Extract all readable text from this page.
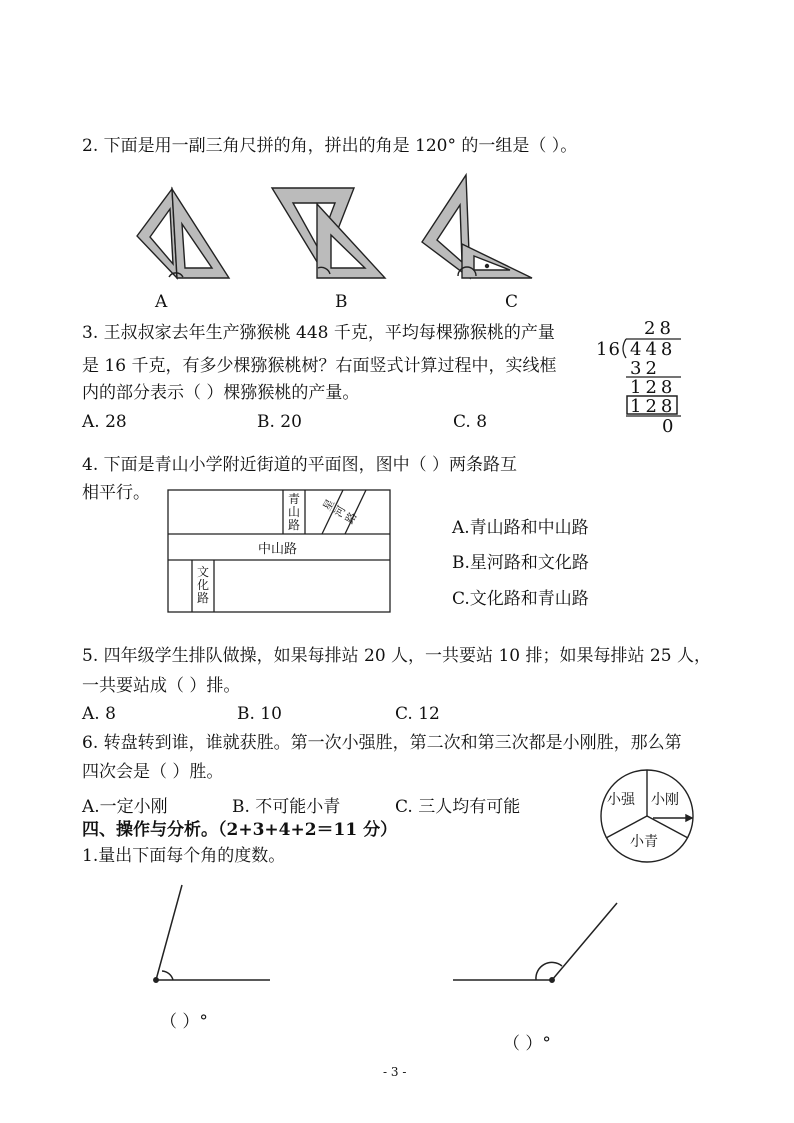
2. 下面是用一副三角尺拼的角，拼出的角是 120° 的一组是（ ）。
A	B	C
3. 王叔叔家去年生产猕猴桃 448 千克，平均每棵猕猴桃的产量
是 16 千克，有多少棵猕猴桃树？右面竖式计算过程中，实线框
内的部分表示（ ）棵猕猴桃的产量。
A. 28	B. 20	C. 8
28
16 448
32
128
128
0
4. 下面是青山小学附近街道的平面图，图中（ ）两条路互
相平行。	青
山
路
星
河
路
中山路
文
化
路
A.青山路和中山路
B.星河路和文化路
C.文化路和青山路
5. 四年级学生排队做操，如果每排站 20 人，一共要站 10 排；如果每排站 25 人，
一共要站成（ ）排。
A. 8	B. 10	C. 12
6. 转盘转到谁，谁就获胜。第一次小强胜，第二次和第三次都是小刚胜，那么第
四次会是（ ）胜。
A.一定小刚	B. 不可能小青	C. 三人均有可能	小强 小刚
小青
四、操作与分析。（2+3+4+2＝11 分）
1.量出下面每个角的度数。
（ ）°
（ ）°
- 3 -
